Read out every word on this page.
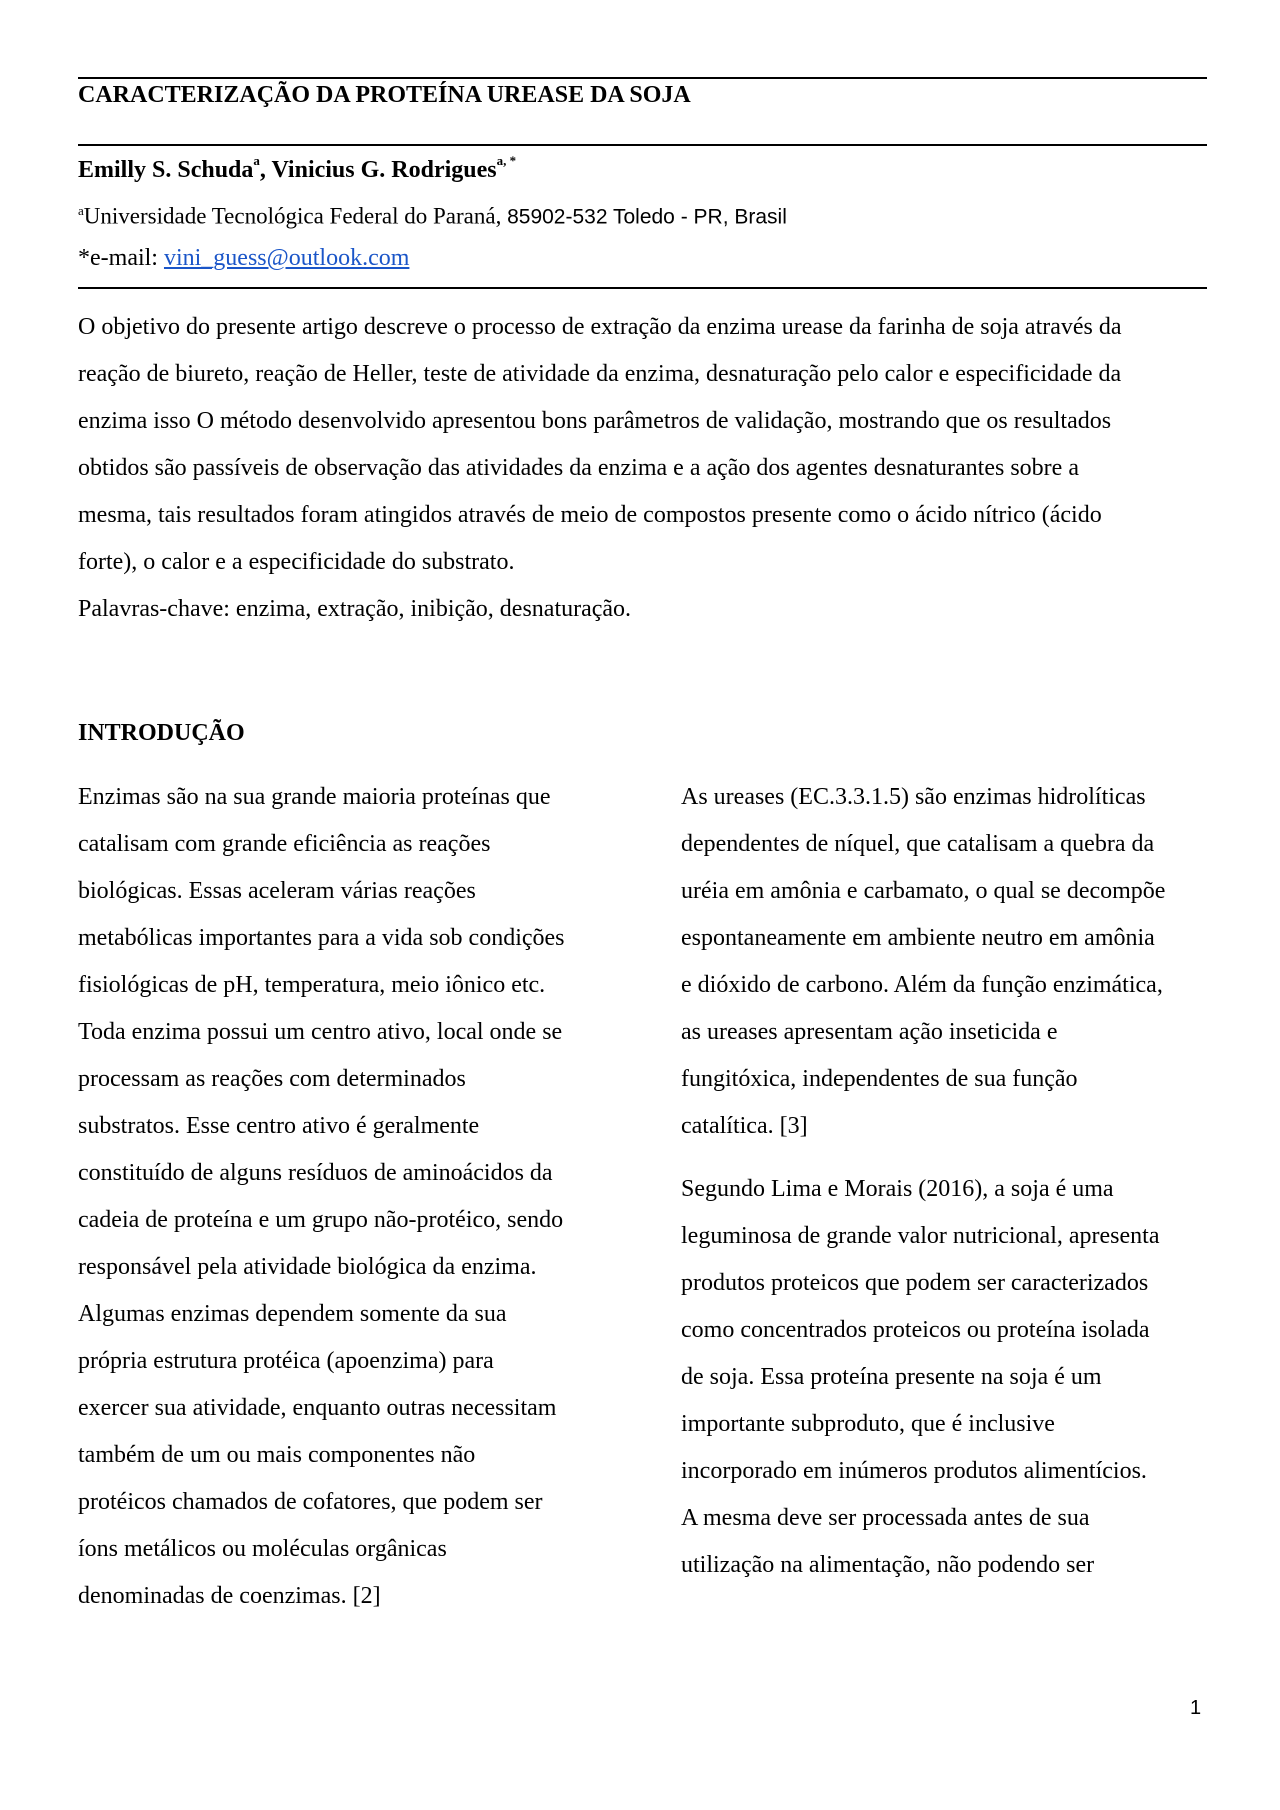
CARACTERIZAÇÃO DA PROTEÍNA UREASE DA SOJA
Emilly S. Schuda$^a$, Vinicius G. Rodrigues$^{a, *}$
$^a$Universidade Tecnológica Federal do Paraná, 85902-532 Toledo - PR, Brasil
*e-mail: vini_guess@outlook.com

O objetivo do presente artigo descreve o processo de extração da enzima urease da farinha de soja através da

reação de biureto, reação de Heller, teste de atividade da enzima, desnaturação pelo calor e especificidade da

enzima isso O método desenvolvido apresentou bons parâmetros de validação, mostrando que os resultados

obtidos são passíveis de observação das atividades da enzima e a ação dos agentes desnaturantes sobre a

mesma, tais resultados foram atingidos através de meio de compostos presente como o ácido nítrico (ácido

forte), o calor e a especificidade do substrato.

Palavras-chave: enzima, extração, inibição, desnaturação.

INTRODUÇÃO
Enzimas são na sua grande maioria proteínas que
catalisam com grande eficiência as reações
biológicas. Essas aceleram várias reações
metabólicas importantes para a vida sob condições
fisiológicas de pH, temperatura, meio iônico etc.
Toda enzima possui um centro ativo, local onde se
processam as reações com determinados
substratos. Esse centro ativo é geralmente
constituído de alguns resíduos de aminoácidos da
cadeia de proteína e um grupo não-protéico, sendo
responsável pela atividade biológica da enzima.
Algumas enzimas dependem somente da sua
própria estrutura protéica (apoenzima) para
exercer sua atividade, enquanto outras necessitam
também de um ou mais componentes não
protéicos chamados de cofatores, que podem ser
íons metálicos ou moléculas orgânicas
denominadas de coenzimas. [2]
As ureases (EC.3.3.1.5) são enzimas hidrolíticas
dependentes de níquel, que catalisam a quebra da
uréia em amônia e carbamato, o qual se decompõe
espontaneamente em ambiente neutro em amônia
e dióxido de carbono. Além da função enzimática,
as ureases apresentam ação inseticida e
fungitóxica, independentes de sua função
catalítica. [3]
Segundo Lima e Morais (2016), a soja é uma
leguminosa de grande valor nutricional, apresenta
produtos proteicos que podem ser caracterizados
como concentrados proteicos ou proteína isolada
de soja. Essa proteína presente na soja é um
importante subproduto, que é inclusive
incorporado em inúmeros produtos alimentícios.
A mesma deve ser processada antes de sua
utilização na alimentação, não podendo ser
1
